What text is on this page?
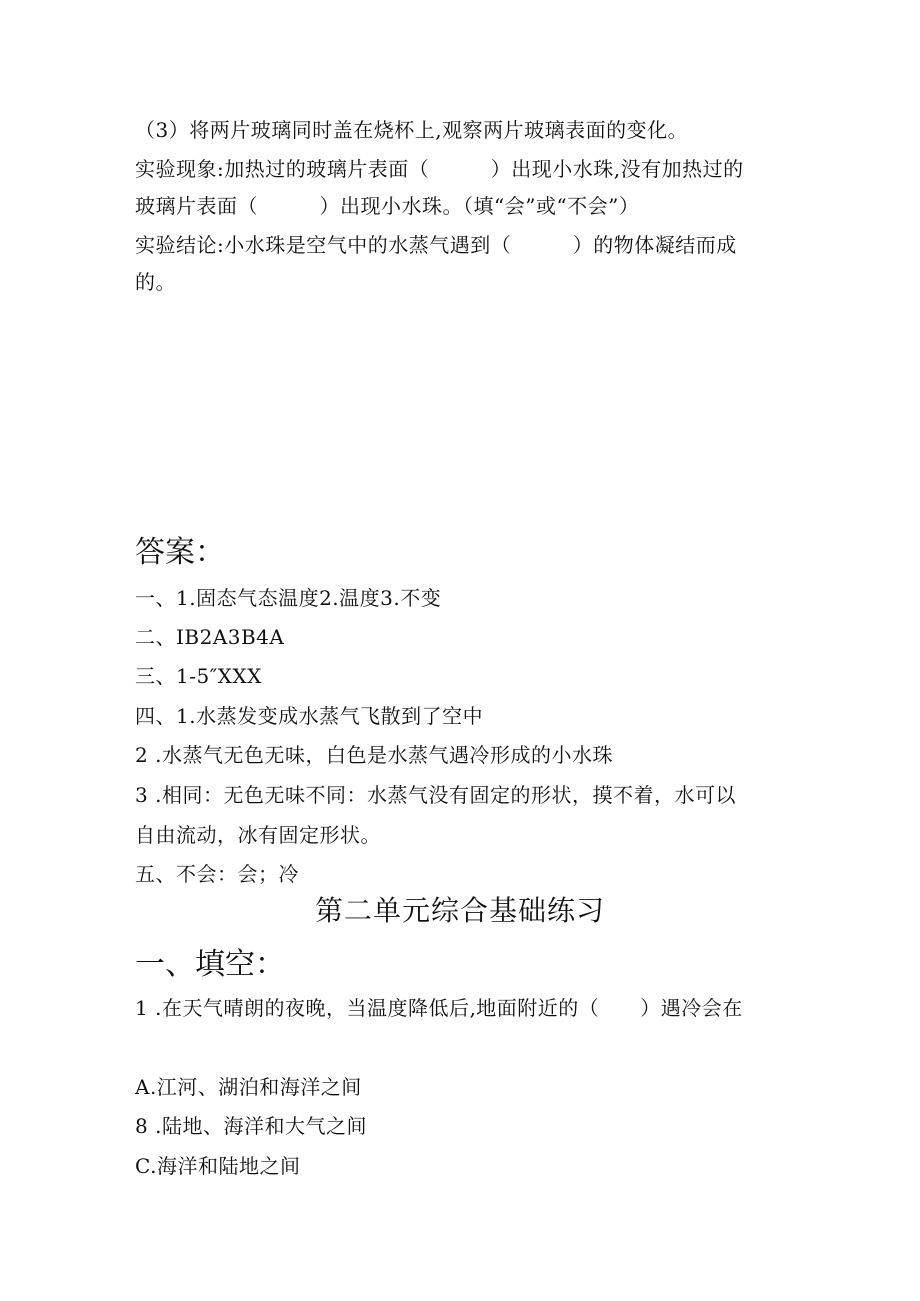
（3）将两片玻璃同时盖在烧杯上,观察两片玻璃表面的变化。
实验现象:加热过的玻璃片表面（　　　）出现小水珠,没有加热过的
玻璃片表面（　　　）出现小水珠。（填“会”或“不会”）
实验结论:小水珠是空气中的水蒸气遇到（　　　）的物体凝结而成
的。
答案：
一、1.固态气态温度2.温度3.不变
二、IB2A3B4A
三、1-5″XXX
四、1.水蒸发变成水蒸气飞散到了空中
2 .水蒸气无色无味，白色是水蒸气遇冷形成的小水珠
3 .相同：无色无味不同：水蒸气没有固定的形状，摸不着，水可以
自由流动，冰有固定形状。
五、不会：会；冷
第二单元综合基础练习
一、填空：
1 .在天气晴朗的夜晚，当温度降低后,地面附近的（　　）遇冷会在
A.江河、湖泊和海洋之间
8 .陆地、海洋和大气之间
C.海洋和陆地之间
